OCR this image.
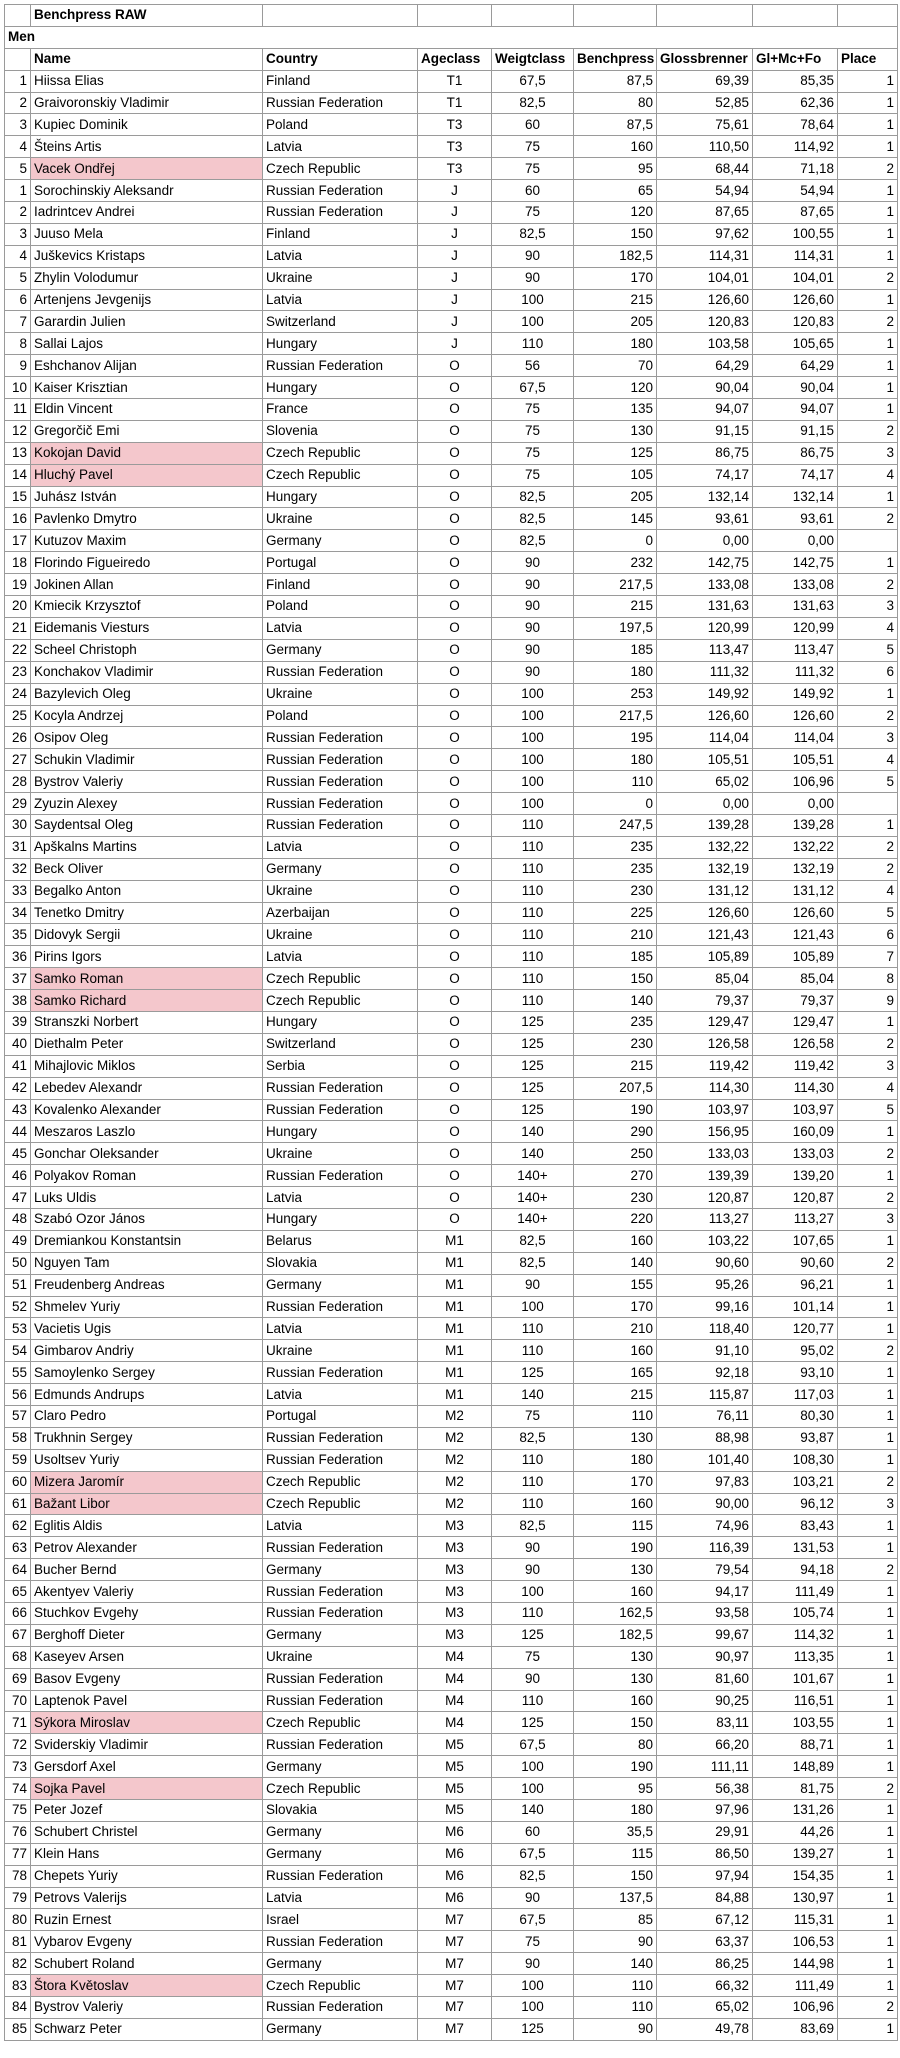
	Benchpress RAW							
Men								
	Name	Country	Ageclass	Weigtclass	Benchpress	Glossbrenner	Gl+Mc+Fo	Place
1	Hiissa Elias	Finland	T1	67,5	87,5	69,39	85,35	1
2	Graivoronskiy Vladimir	Russian Federation	T1	82,5	80	52,85	62,36	1
3	Kupiec Dominik	Poland	T3	60	87,5	75,61	78,64	1
4	Šteins Artis	Latvia	T3	75	160	110,50	114,92	1
5	Vacek Ondřej	Czech Republic	T3	75	95	68,44	71,18	2
1	Sorochinskiy Aleksandr	Russian Federation	J	60	65	54,94	54,94	1
2	Iadrintcev Andrei	Russian Federation	J	75	120	87,65	87,65	1
3	Juuso Mela	Finland	J	82,5	150	97,62	100,55	1
4	Juškevics Kristaps	Latvia	J	90	182,5	114,31	114,31	1
5	Zhylin Volodumur	Ukraine	J	90	170	104,01	104,01	2
6	Artenjens Jevgenijs	Latvia	J	100	215	126,60	126,60	1
7	Garardin Julien	Switzerland	J	100	205	120,83	120,83	2
8	Sallai Lajos	Hungary	J	110	180	103,58	105,65	1
9	Eshchanov Alijan	Russian Federation	O	56	70	64,29	64,29	1
10	Kaiser Krisztian	Hungary	O	67,5	120	90,04	90,04	1
11	Eldin Vincent	France	O	75	135	94,07	94,07	1
12	Gregorčič Emi	Slovenia	O	75	130	91,15	91,15	2
13	Kokojan David	Czech Republic	O	75	125	86,75	86,75	3
14	Hluchý Pavel	Czech Republic	O	75	105	74,17	74,17	4
15	Juhász István	Hungary	O	82,5	205	132,14	132,14	1
16	Pavlenko Dmytro	Ukraine	O	82,5	145	93,61	93,61	2
17	Kutuzov Maxim	Germany	O	82,5	0	0,00	0,00	
18	Florindo Figueiredo	Portugal	O	90	232	142,75	142,75	1
19	Jokinen Allan	Finland	O	90	217,5	133,08	133,08	2
20	Kmiecik Krzysztof	Poland	O	90	215	131,63	131,63	3
21	Eidemanis Viesturs	Latvia	O	90	197,5	120,99	120,99	4
22	Scheel Christoph	Germany	O	90	185	113,47	113,47	5
23	Konchakov Vladimir	Russian Federation	O	90	180	111,32	111,32	6
24	Bazylevich Oleg	Ukraine	O	100	253	149,92	149,92	1
25	Kocyla Andrzej	Poland	O	100	217,5	126,60	126,60	2
26	Osipov Oleg	Russian Federation	O	100	195	114,04	114,04	3
27	Schukin Vladimir	Russian Federation	O	100	180	105,51	105,51	4
28	Bystrov Valeriy	Russian Federation	O	100	110	65,02	106,96	5
29	Zyuzin Alexey	Russian Federation	O	100	0	0,00	0,00	
30	Saydentsal Oleg	Russian Federation	O	110	247,5	139,28	139,28	1
31	Apškalns Martins	Latvia	O	110	235	132,22	132,22	2
32	Beck Oliver	Germany	O	110	235	132,19	132,19	2
33	Begalko Anton	Ukraine	O	110	230	131,12	131,12	4
34	Tenetko Dmitry	Azerbaijan	O	110	225	126,60	126,60	5
35	Didovyk Sergii	Ukraine	O	110	210	121,43	121,43	6
36	Pirins Igors	Latvia	O	110	185	105,89	105,89	7
37	Samko Roman	Czech Republic	O	110	150	85,04	85,04	8
38	Samko Richard	Czech Republic	O	110	140	79,37	79,37	9
39	Stranszki Norbert	Hungary	O	125	235	129,47	129,47	1
40	Diethalm Peter	Switzerland	O	125	230	126,58	126,58	2
41	Mihajlovic Miklos	Serbia	O	125	215	119,42	119,42	3
42	Lebedev Alexandr	Russian Federation	O	125	207,5	114,30	114,30	4
43	Kovalenko Alexander	Russian Federation	O	125	190	103,97	103,97	5
44	Meszaros Laszlo	Hungary	O	140	290	156,95	160,09	1
45	Gonchar Oleksander	Ukraine	O	140	250	133,03	133,03	2
46	Polyakov Roman	Russian Federation	O	140+	270	139,39	139,20	1
47	Luks Uldis	Latvia	O	140+	230	120,87	120,87	2
48	Szabó Ozor János	Hungary	O	140+	220	113,27	113,27	3
49	Dremiankou Konstantsin	Belarus	M1	82,5	160	103,22	107,65	1
50	Nguyen Tam	Slovakia	M1	82,5	140	90,60	90,60	2
51	Freudenberg Andreas	Germany	M1	90	155	95,26	96,21	1
52	Shmelev Yuriy	Russian Federation	M1	100	170	99,16	101,14	1
53	Vacietis Ugis	Latvia	M1	110	210	118,40	120,77	1
54	Gimbarov Andriy	Ukraine	M1	110	160	91,10	95,02	2
55	Samoylenko Sergey	Russian Federation	M1	125	165	92,18	93,10	1
56	Edmunds Andrups	Latvia	M1	140	215	115,87	117,03	1
57	Claro Pedro	Portugal	M2	75	110	76,11	80,30	1
58	Trukhnin Sergey	Russian Federation	M2	82,5	130	88,98	93,87	1
59	Usoltsev Yuriy	Russian Federation	M2	110	180	101,40	108,30	1
60	Mizera Jaromír	Czech Republic	M2	110	170	97,83	103,21	2
61	Bažant Libor	Czech Republic	M2	110	160	90,00	96,12	3
62	Eglitis Aldis	Latvia	M3	82,5	115	74,96	83,43	1
63	Petrov Alexander	Russian Federation	M3	90	190	116,39	131,53	1
64	Bucher Bernd	Germany	M3	90	130	79,54	94,18	2
65	Akentyev Valeriy	Russian Federation	M3	100	160	94,17	111,49	1
66	Stuchkov Evgehy	Russian Federation	M3	110	162,5	93,58	105,74	1
67	Berghoff Dieter	Germany	M3	125	182,5	99,67	114,32	1
68	Kaseyev Arsen	Ukraine	M4	75	130	90,97	113,35	1
69	Basov Evgeny	Russian Federation	M4	90	130	81,60	101,67	1
70	Laptenok Pavel	Russian Federation	M4	110	160	90,25	116,51	1
71	Sýkora Miroslav	Czech Republic	M4	125	150	83,11	103,55	1
72	Sviderskiy Vladimir	Russian Federation	M5	67,5	80	66,20	88,71	1
73	Gersdorf Axel	Germany	M5	100	190	111,11	148,89	1
74	Sojka Pavel	Czech Republic	M5	100	95	56,38	81,75	2
75	Peter Jozef	Slovakia	M5	140	180	97,96	131,26	1
76	Schubert Christel	Germany	M6	60	35,5	29,91	44,26	1
77	Klein Hans	Germany	M6	67,5	115	86,50	139,27	1
78	Chepets Yuriy	Russian Federation	M6	82,5	150	97,94	154,35	1
79	Petrovs Valerijs	Latvia	M6	90	137,5	84,88	130,97	1
80	Ruzin Ernest	Israel	M7	67,5	85	67,12	115,31	1
81	Vybarov Evgeny	Russian Federation	M7	75	90	63,37	106,53	1
82	Schubert Roland	Germany	M7	90	140	86,25	144,98	1
83	Štora Květoslav	Czech Republic	M7	100	110	66,32	111,49	1
84	Bystrov Valeriy	Russian Federation	M7	100	110	65,02	106,96	2
85	Schwarz Peter	Germany	M7	125	90	49,78	83,69	1
